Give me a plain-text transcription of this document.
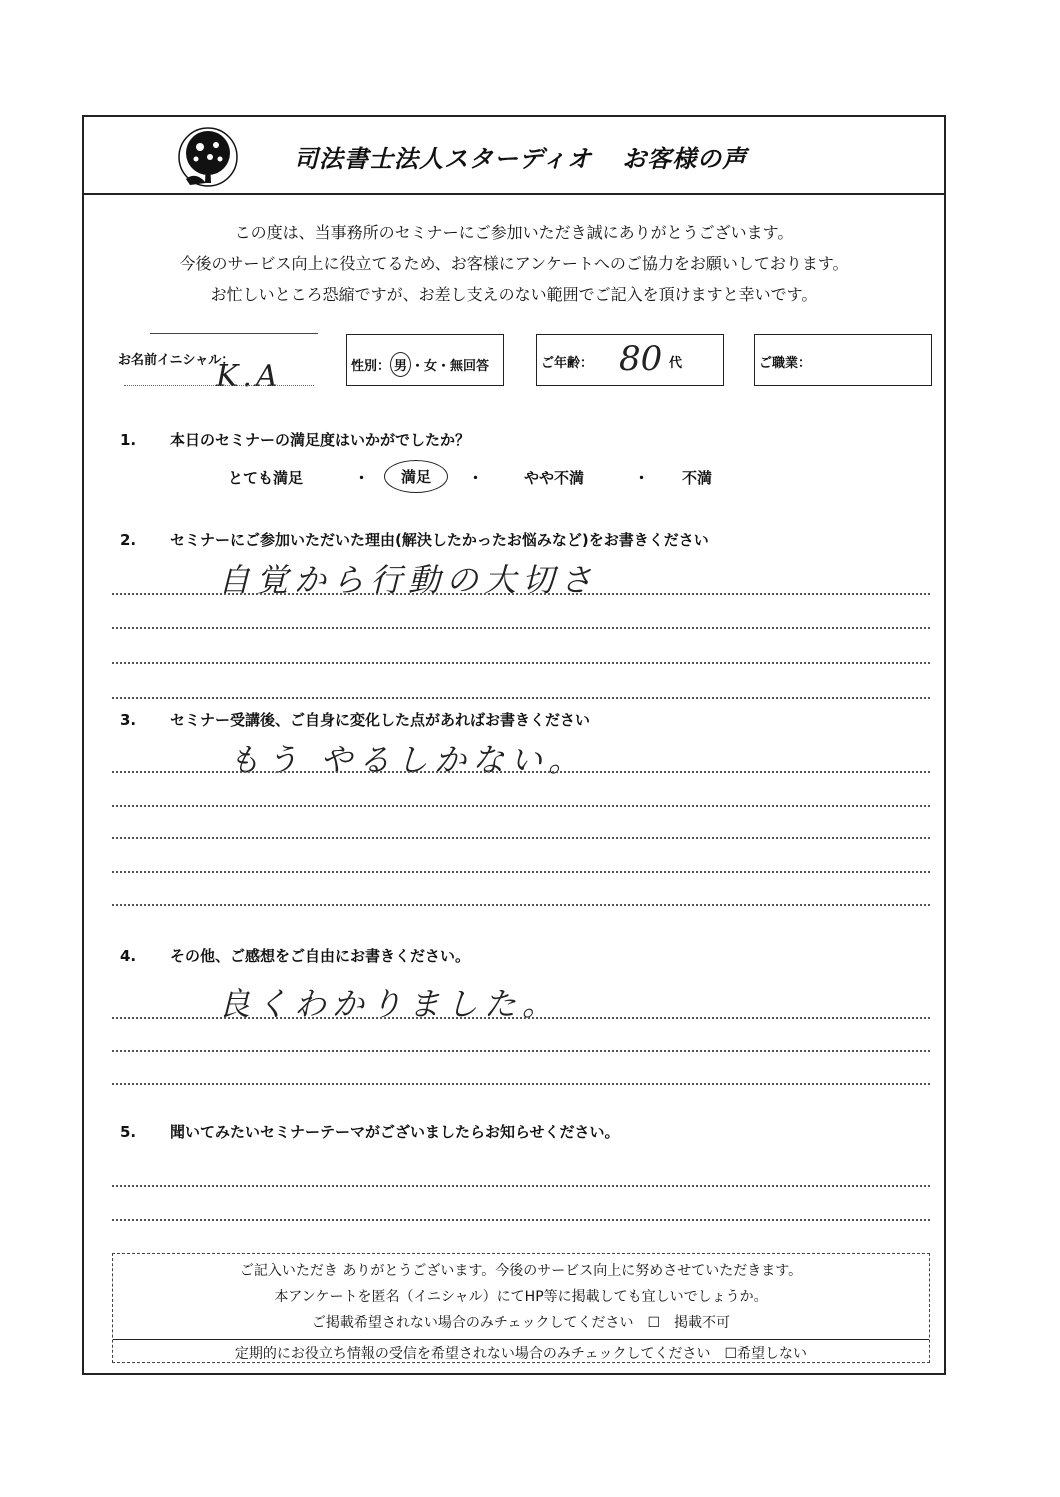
司法書士法人スターディオ お客様の声
この度は、当事務所のセミナーにご参加いただき誠にありがとうございます。
今後のサービス向上に役立てるため、お客様にアンケートへのご協力をお願いしております。
お忙しいところ恐縮ですが、お差し支えのない範囲でご記入を頂けますと幸いです。
お名前イニシャル：
K.A	性別： 男 ・女・無回答	ご年齢： 80 代	ご職業：
1. 本日のセミナーの満足度はいかがでしたか？
とても満足	・	満足	・	やや不満	・ 不満
2. セミナーにご参加いただいた理由(解決したかったお悩みなど)をお書きください
自覚から行動の大切さ
3. セミナー受講後、ご自身に変化した点があればお書きください
もう やるしかない。
4. その他、ご感想をご自由にお書きください。
良くわかりました。
5. 聞いてみたいセミナーテーマがございましたらお知らせください。
ご記入いただき ありがとうございます。今後のサービス向上に努めさせていただきます。
本アンケートを匿名（イニシャル）にてHP等に掲載しても宜しいでしょうか。
ご掲載希望されない場合のみチェックしてください　☐　掲載不可
定期的にお役立ち情報の受信を希望されない場合のみチェックしてください　☐希望しない
